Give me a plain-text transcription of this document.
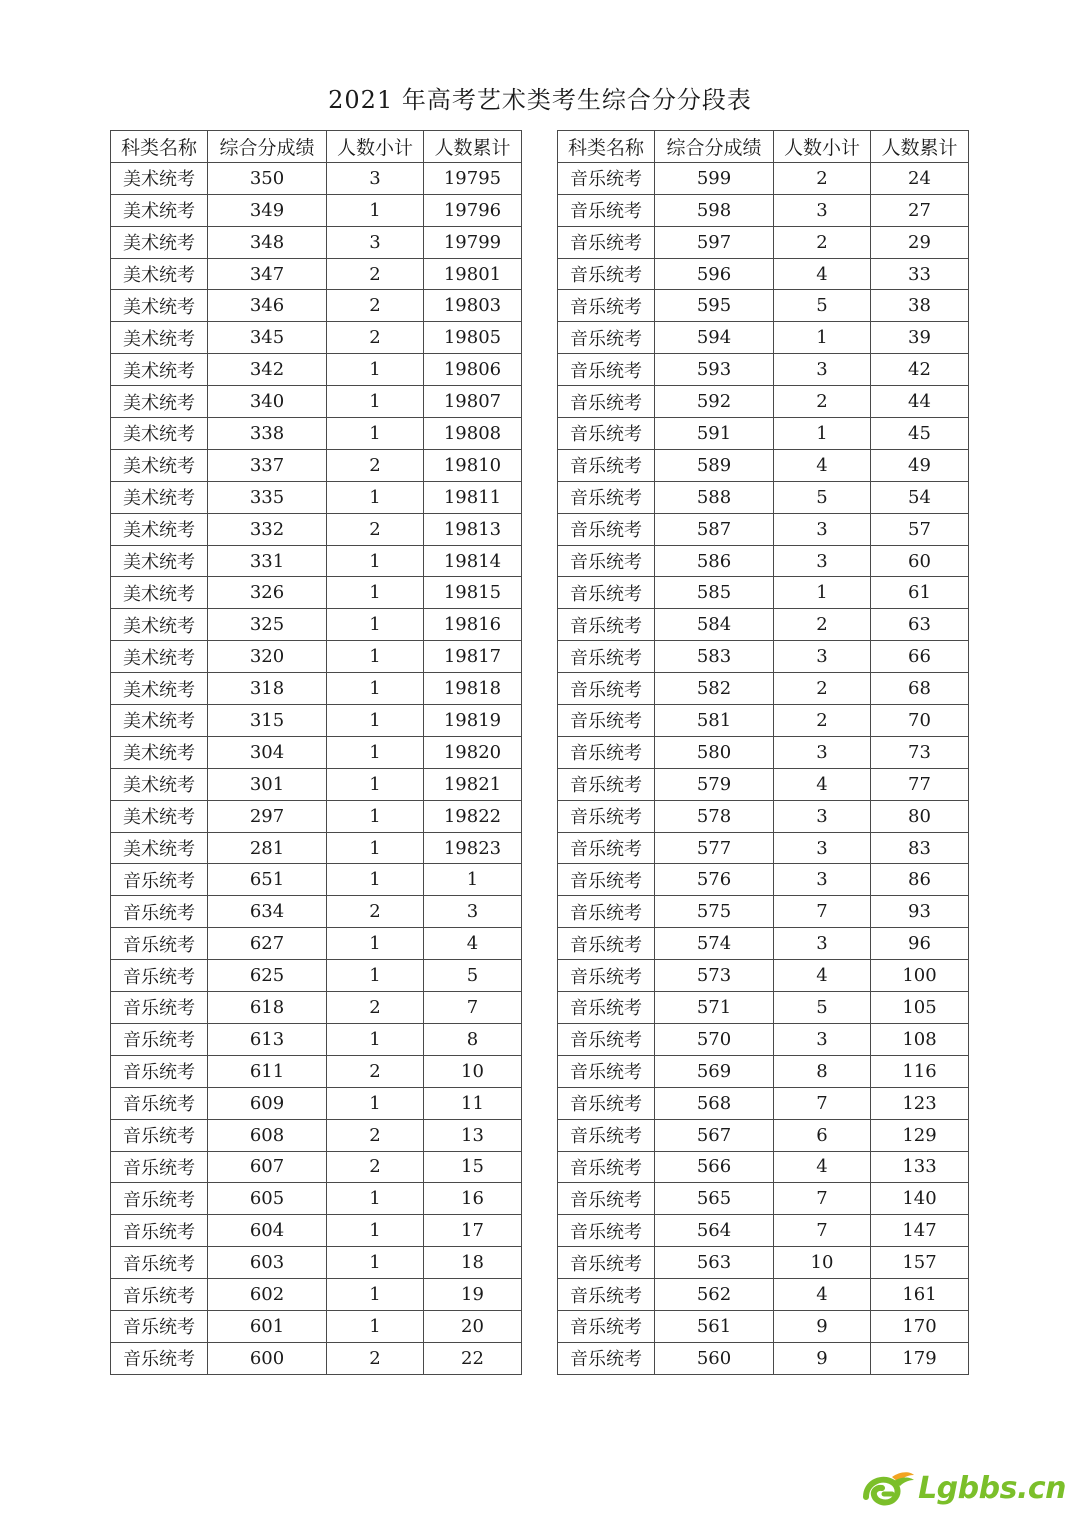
2021 年高考艺术类考生综合分分段表
科类名称	综合分成绩	人数小计	人数累计
美术统考	350	3	19795
美术统考	349	1	19796
美术统考	348	3	19799
美术统考	347	2	19801
美术统考	346	2	19803
美术统考	345	2	19805
美术统考	342	1	19806
美术统考	340	1	19807
美术统考	338	1	19808
美术统考	337	2	19810
美术统考	335	1	19811
美术统考	332	2	19813
美术统考	331	1	19814
美术统考	326	1	19815
美术统考	325	1	19816
美术统考	320	1	19817
美术统考	318	1	19818
美术统考	315	1	19819
美术统考	304	1	19820
美术统考	301	1	19821
美术统考	297	1	19822
美术统考	281	1	19823
音乐统考	651	1	1
音乐统考	634	2	3
音乐统考	627	1	4
音乐统考	625	1	5
音乐统考	618	2	7
音乐统考	613	1	8
音乐统考	611	2	10
音乐统考	609	1	11
音乐统考	608	2	13
音乐统考	607	2	15
音乐统考	605	1	16
音乐统考	604	1	17
音乐统考	603	1	18
音乐统考	602	1	19
音乐统考	601	1	20
音乐统考	600	2	22
科类名称	综合分成绩	人数小计	人数累计
音乐统考	599	2	24
音乐统考	598	3	27
音乐统考	597	2	29
音乐统考	596	4	33
音乐统考	595	5	38
音乐统考	594	1	39
音乐统考	593	3	42
音乐统考	592	2	44
音乐统考	591	1	45
音乐统考	589	4	49
音乐统考	588	5	54
音乐统考	587	3	57
音乐统考	586	3	60
音乐统考	585	1	61
音乐统考	584	2	63
音乐统考	583	3	66
音乐统考	582	2	68
音乐统考	581	2	70
音乐统考	580	3	73
音乐统考	579	4	77
音乐统考	578	3	80
音乐统考	577	3	83
音乐统考	576	3	86
音乐统考	575	7	93
音乐统考	574	3	96
音乐统考	573	4	100
音乐统考	571	5	105
音乐统考	570	3	108
音乐统考	569	8	116
音乐统考	568	7	123
音乐统考	567	6	129
音乐统考	566	4	133
音乐统考	565	7	140
音乐统考	564	7	147
音乐统考	563	10	157
音乐统考	562	4	161
音乐统考	561	9	170
音乐统考	560	9	179
Lgbbs.cn
